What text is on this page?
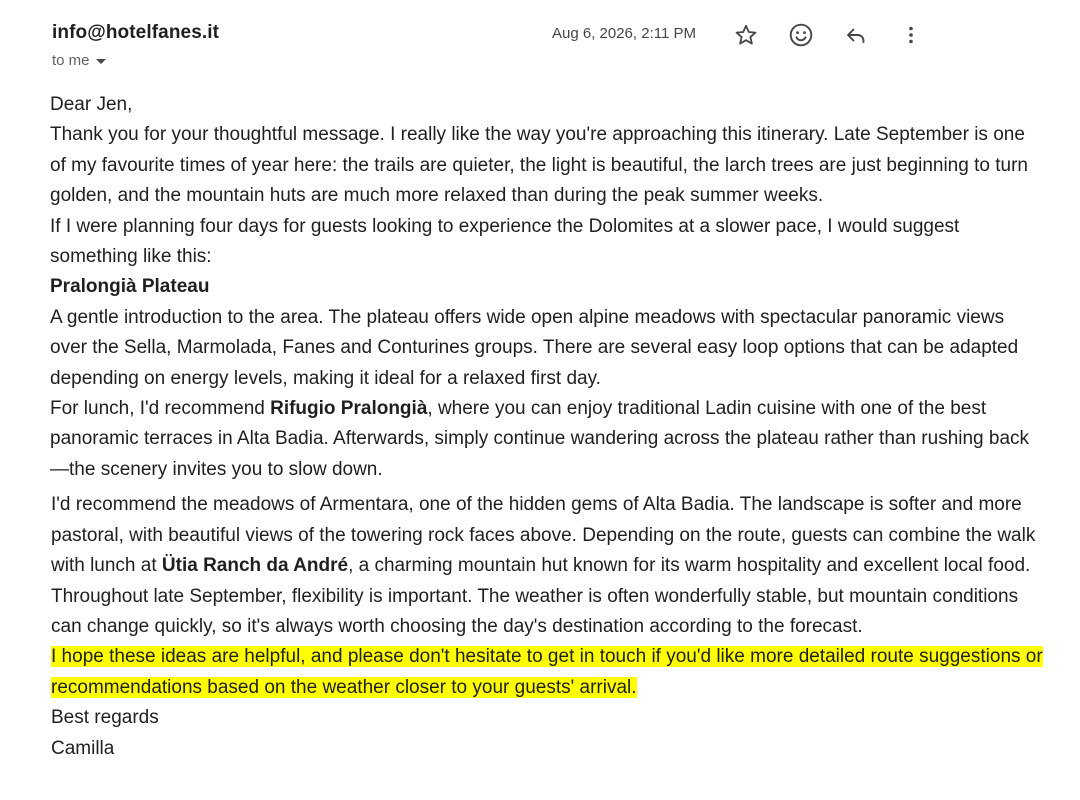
info@hotelfanes.it
to me
Aug 6, 2026, 2:11 PM

Dear Jen,

Thank you for your thoughtful message. I really like the way you're approaching this itinerary. Late September is one of my favourite times of year here: the trails are quieter, the light is beautiful, the larch trees are just beginning to turn golden, and the mountain huts are much more relaxed than during the peak summer weeks.

If I were planning four days for guests looking to experience the Dolomites at a slower pace, I would suggest something like this:

Pralongià Plateau

A gentle introduction to the area. The plateau offers wide open alpine meadows with spectacular panoramic views over the Sella, Marmolada, Fanes and Conturines groups. There are several easy loop options that can be adapted depending on energy levels, making it ideal for a relaxed first day.

For lunch, I'd recommend Rifugio Pralongià, where you can enjoy traditional Ladin cuisine with one of the best panoramic terraces in Alta Badia. Afterwards, simply continue wandering across the plateau rather than rushing back—the scenery invites you to slow down.

I'd recommend the meadows of Armentara, one of the hidden gems of Alta Badia. The landscape is softer and more pastoral, with beautiful views of the towering rock faces above. Depending on the route, guests can combine the walk with lunch at Ütia Ranch da André, a charming mountain hut known for its warm hospitality and excellent local food.

Throughout late September, flexibility is important. The weather is often wonderfully stable, but mountain conditions can change quickly, so it's always worth choosing the day's destination according to the forecast.

I hope these ideas are helpful, and please don't hesitate to get in touch if you'd like more detailed route suggestions or recommendations based on the weather closer to your guests' arrival.

Best regards

Camilla
